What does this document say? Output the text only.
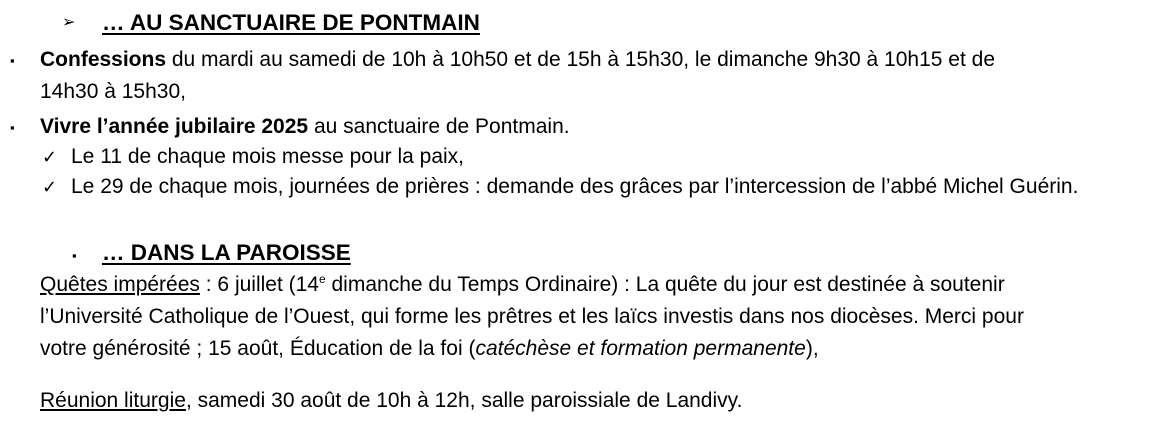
➢ … AU SANCTUAIRE DE PONTMAIN
▪ Confessions du mardi au samedi de 10h à 10h50 et de 15h à 15h30, le dimanche 9h30 à 10h15 et de
14h30 à 15h30,
▪ Vivre l’année jubilaire 2025 au sanctuaire de Pontmain.
✓ Le 11 de chaque mois messe pour la paix,
✓ Le 29 de chaque mois, journées de prières : demande des grâces par l’intercession de l’abbé Michel Guérin.
▪ … DANS LA PAROISSE
Quêtes impérées : 6 juillet (14e dimanche du Temps Ordinaire) : La quête du jour est destinée à soutenir
l’Université Catholique de l’Ouest, qui forme les prêtres et les laïcs investis dans nos diocèses. Merci pour
votre générosité ; 15 août, Éducation de la foi (catéchèse et formation permanente),
Réunion liturgie, samedi 30 août de 10h à 12h, salle paroissiale de Landivy.
